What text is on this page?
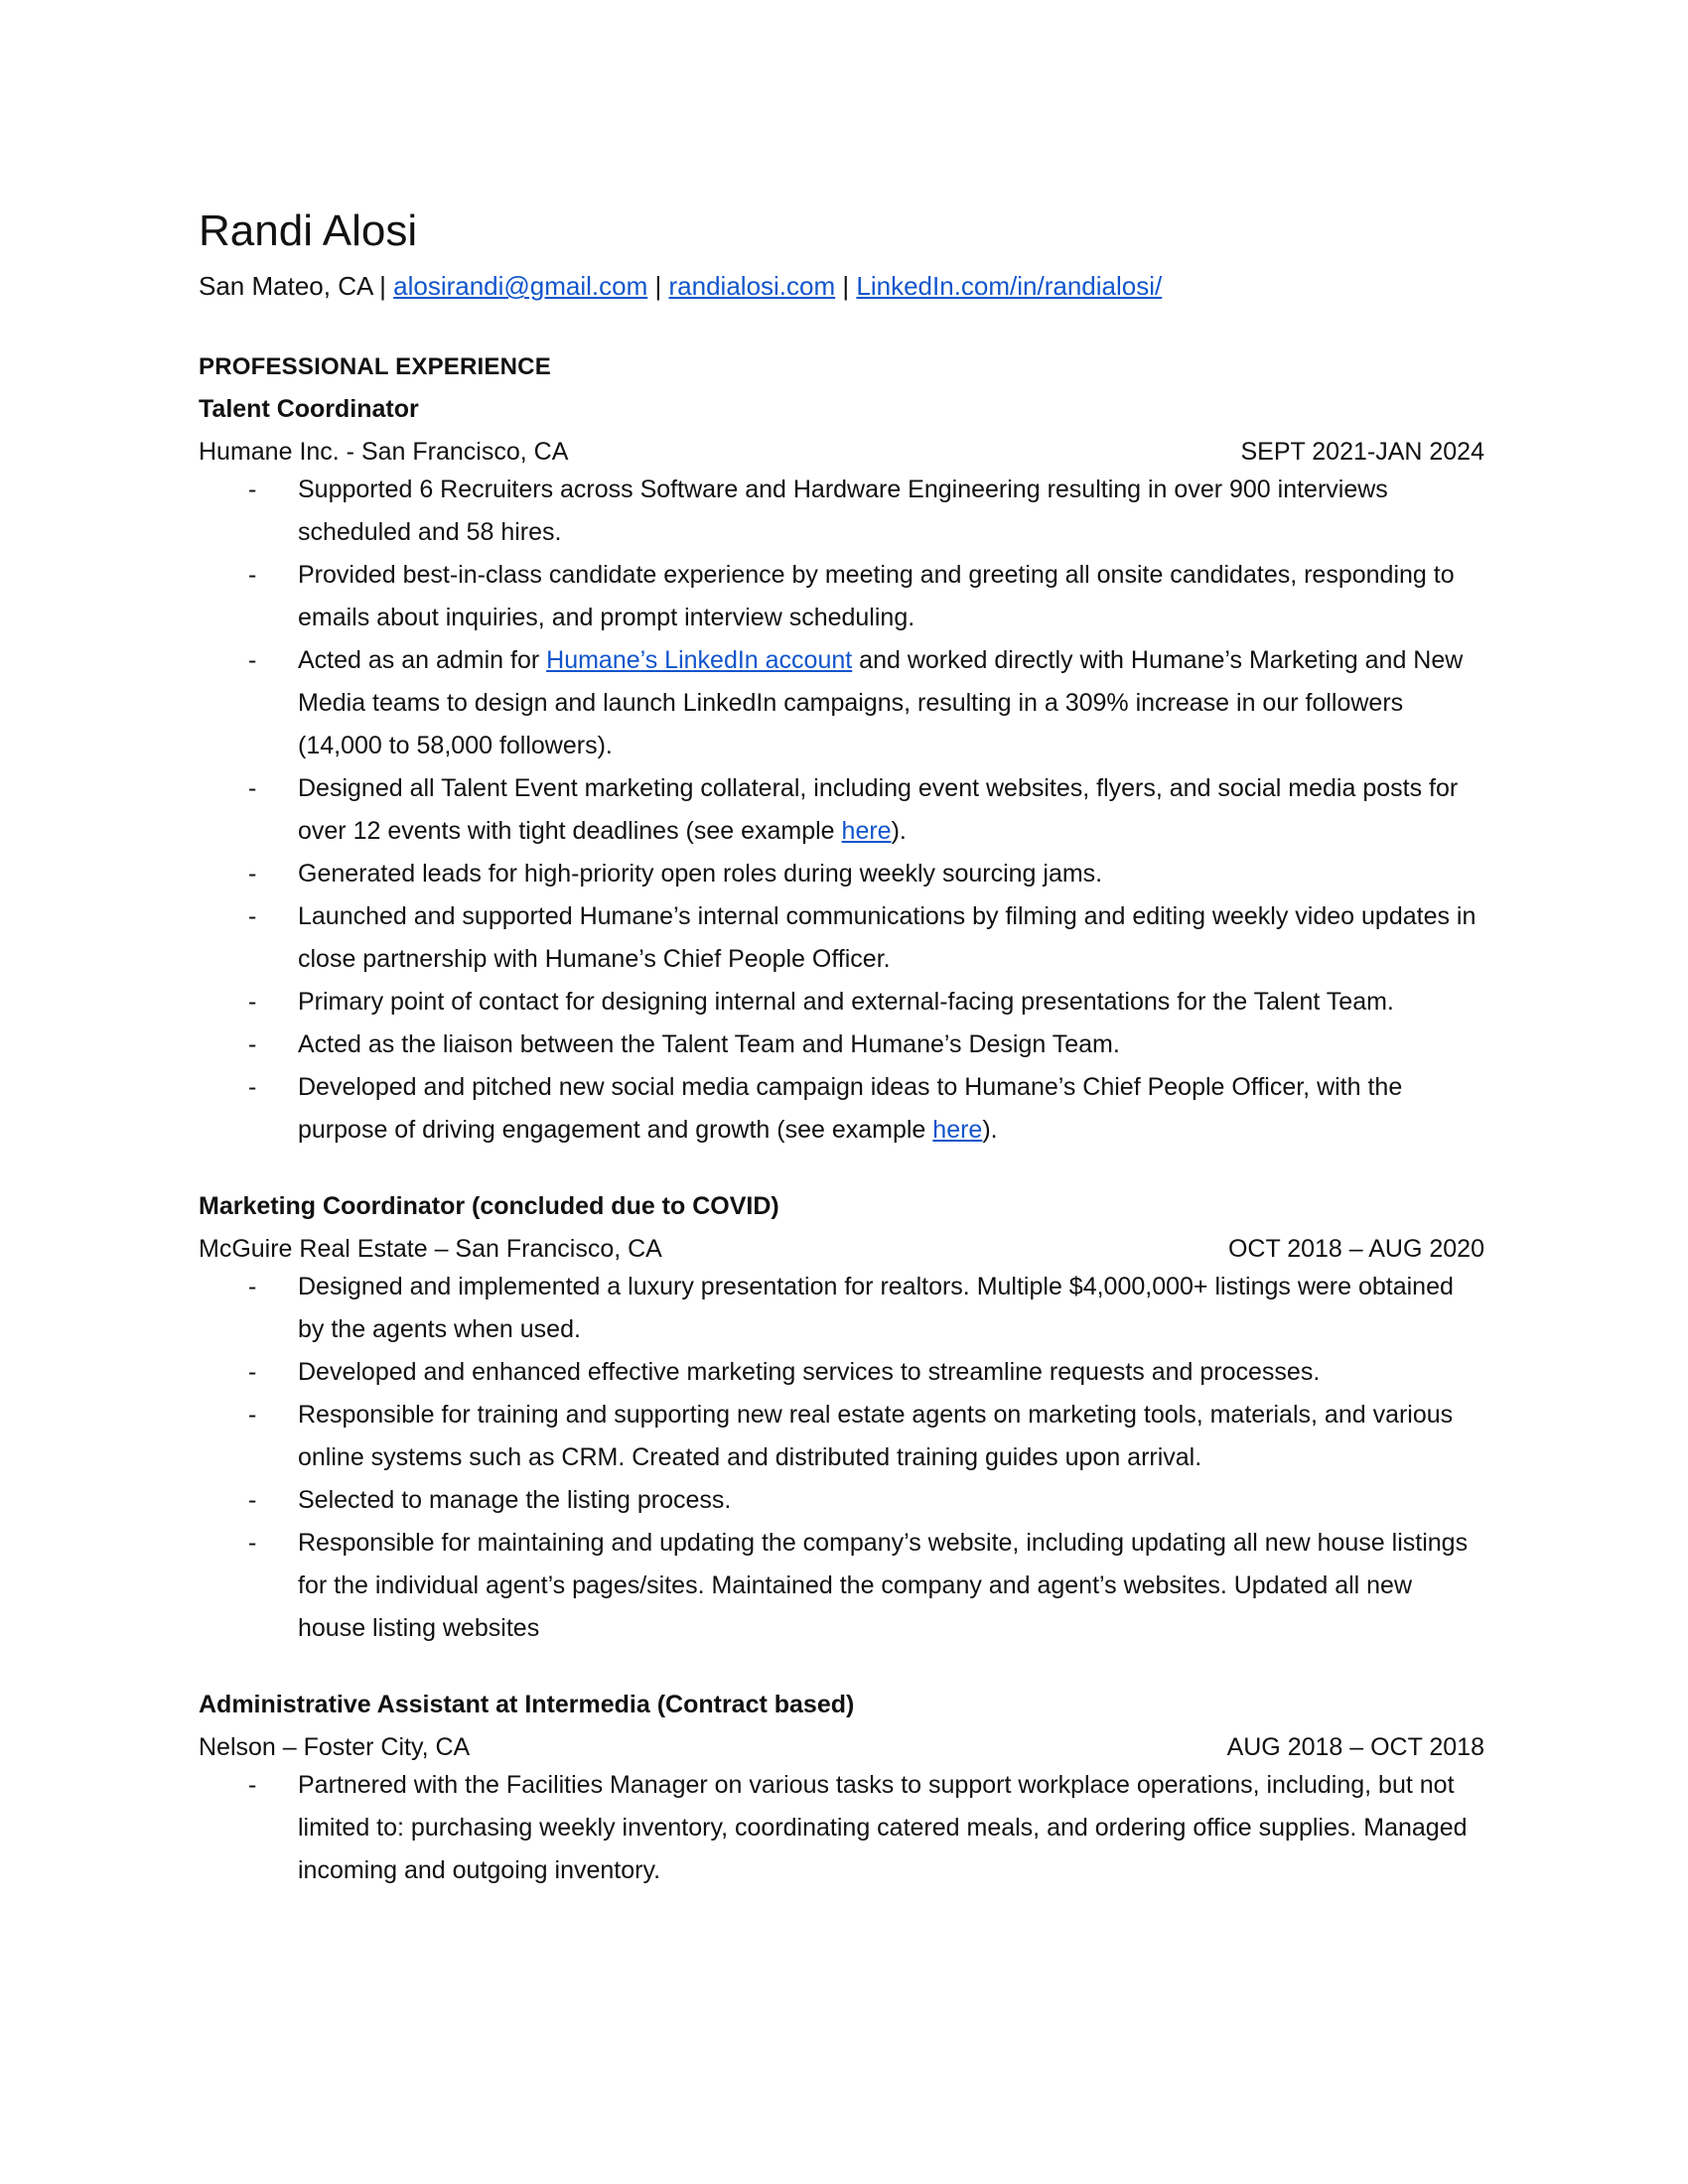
Randi Alosi
San Mateo, CA | alosirandi@gmail.com | randialosi.com | LinkedIn.com/in/randialosi/
PROFESSIONAL EXPERIENCE
Talent Coordinator
Humane Inc. - San Francisco, CA	SEPT 2021-JAN 2024
- Supported 6 Recruiters across Software and Hardware Engineering resulting in over 900 interviews scheduled and 58 hires.
- Provided best-in-class candidate experience by meeting and greeting all onsite candidates, responding to emails about inquiries, and prompt interview scheduling.
- Acted as an admin for Humane’s LinkedIn account and worked directly with Humane’s Marketing and New Media teams to design and launch LinkedIn campaigns, resulting in a 309% increase in our followers (14,000 to 58,000 followers).
- Designed all Talent Event marketing collateral, including event websites, flyers, and social media posts for over 12 events with tight deadlines (see example here).
- Generated leads for high-priority open roles during weekly sourcing jams.
- Launched and supported Humane’s internal communications by filming and editing weekly video updates in close partnership with Humane’s Chief People Officer.
- Primary point of contact for designing internal and external-facing presentations for the Talent Team.
- Acted as the liaison between the Talent Team and Humane’s Design Team.
- Developed and pitched new social media campaign ideas to Humane’s Chief People Officer, with the purpose of driving engagement and growth (see example here).
Marketing Coordinator (concluded due to COVID)
McGuire Real Estate – San Francisco, CA	OCT 2018 – AUG 2020
- Designed and implemented a luxury presentation for realtors. Multiple $4,000,000+ listings were obtained by the agents when used.
- Developed and enhanced effective marketing services to streamline requests and processes.
- Responsible for training and supporting new real estate agents on marketing tools, materials, and various online systems such as CRM. Created and distributed training guides upon arrival.
- Selected to manage the listing process.
- Responsible for maintaining and updating the company’s website, including updating all new house listings for the individual agent’s pages/sites. Maintained the company and agent’s websites. Updated all new house listing websites
Administrative Assistant at Intermedia (Contract based)
Nelson – Foster City, CA	AUG 2018 – OCT 2018
- Partnered with the Facilities Manager on various tasks to support workplace operations, including, but not limited to: purchasing weekly inventory, coordinating catered meals, and ordering office supplies. Managed incoming and outgoing inventory.
